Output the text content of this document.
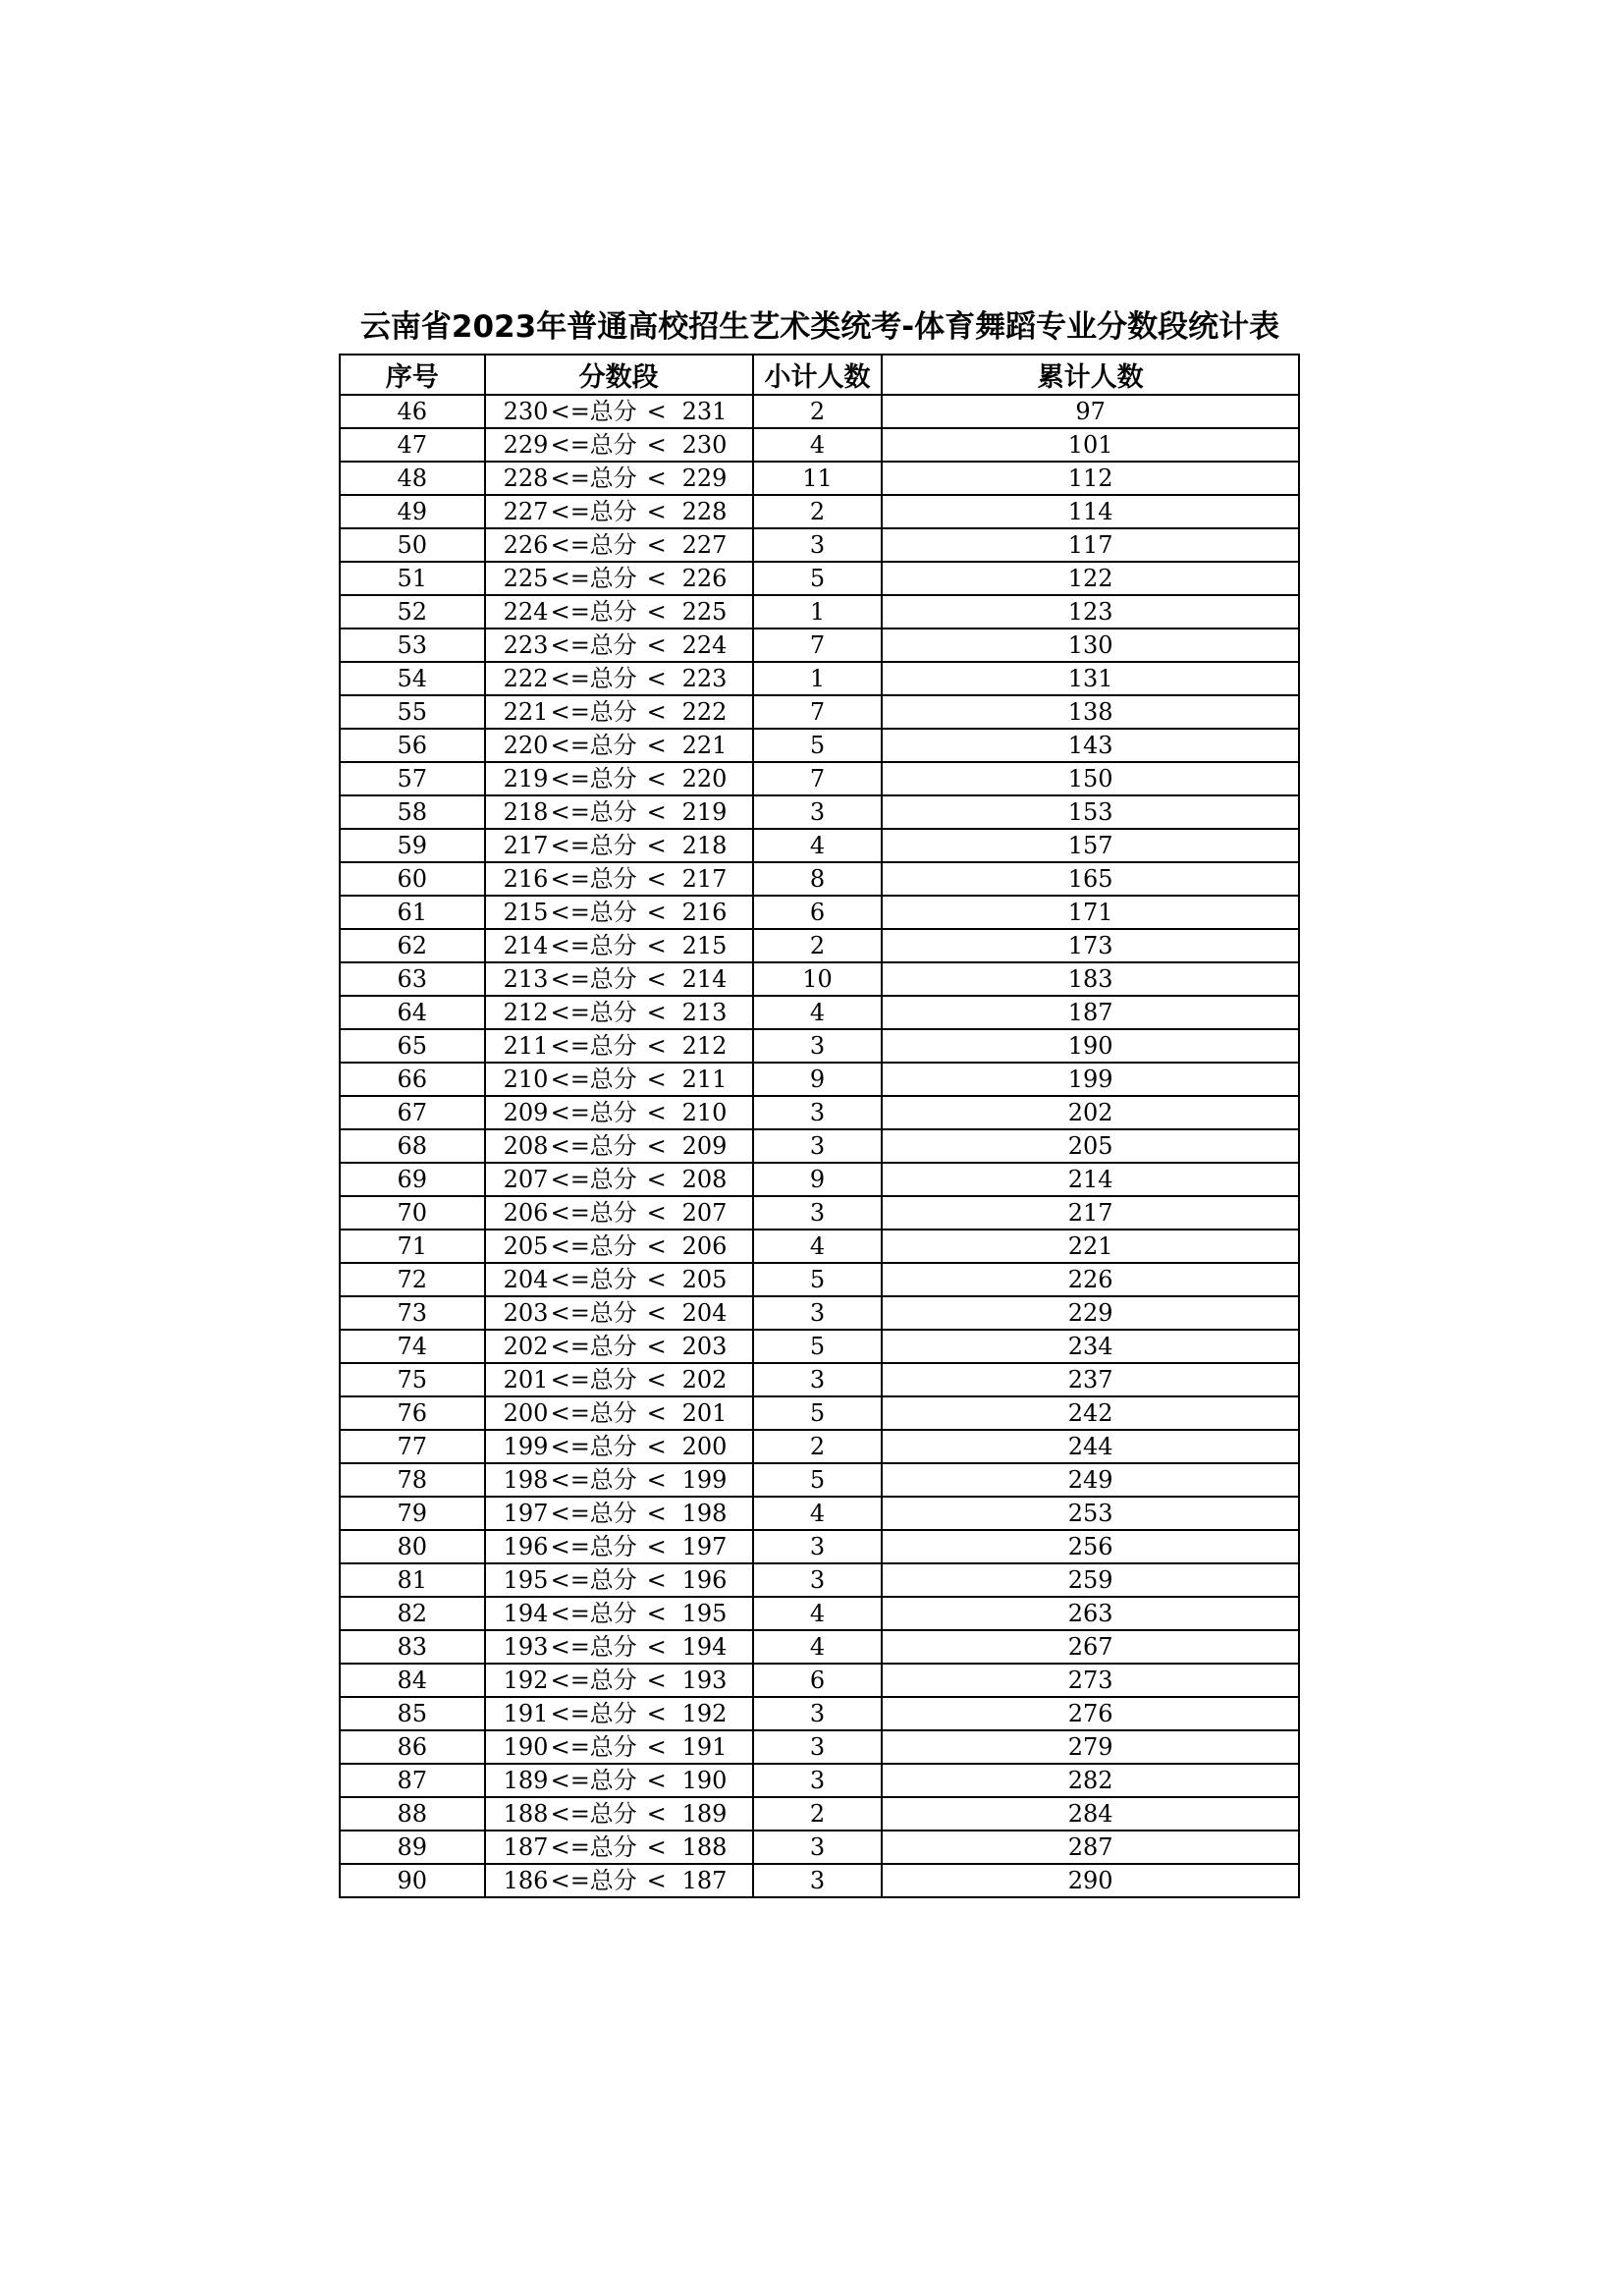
云南省2023年普通高校招生艺术类统考-体育舞蹈专业分数段统计表
序号	分数段	小计人数	累计人数
46	230<=总分 < 231	2	97
47	229<=总分 < 230	4	101
48	228<=总分 < 229	11	112
49	227<=总分 < 228	2	114
50	226<=总分 < 227	3	117
51	225<=总分 < 226	5	122
52	224<=总分 < 225	1	123
53	223<=总分 < 224	7	130
54	222<=总分 < 223	1	131
55	221<=总分 < 222	7	138
56	220<=总分 < 221	5	143
57	219<=总分 < 220	7	150
58	218<=总分 < 219	3	153
59	217<=总分 < 218	4	157
60	216<=总分 < 217	8	165
61	215<=总分 < 216	6	171
62	214<=总分 < 215	2	173
63	213<=总分 < 214	10	183
64	212<=总分 < 213	4	187
65	211<=总分 < 212	3	190
66	210<=总分 < 211	9	199
67	209<=总分 < 210	3	202
68	208<=总分 < 209	3	205
69	207<=总分 < 208	9	214
70	206<=总分 < 207	3	217
71	205<=总分 < 206	4	221
72	204<=总分 < 205	5	226
73	203<=总分 < 204	3	229
74	202<=总分 < 203	5	234
75	201<=总分 < 202	3	237
76	200<=总分 < 201	5	242
77	199<=总分 < 200	2	244
78	198<=总分 < 199	5	249
79	197<=总分 < 198	4	253
80	196<=总分 < 197	3	256
81	195<=总分 < 196	3	259
82	194<=总分 < 195	4	263
83	193<=总分 < 194	4	267
84	192<=总分 < 193	6	273
85	191<=总分 < 192	3	276
86	190<=总分 < 191	3	279
87	189<=总分 < 190	3	282
88	188<=总分 < 189	2	284
89	187<=总分 < 188	3	287
90	186<=总分 < 187	3	290
